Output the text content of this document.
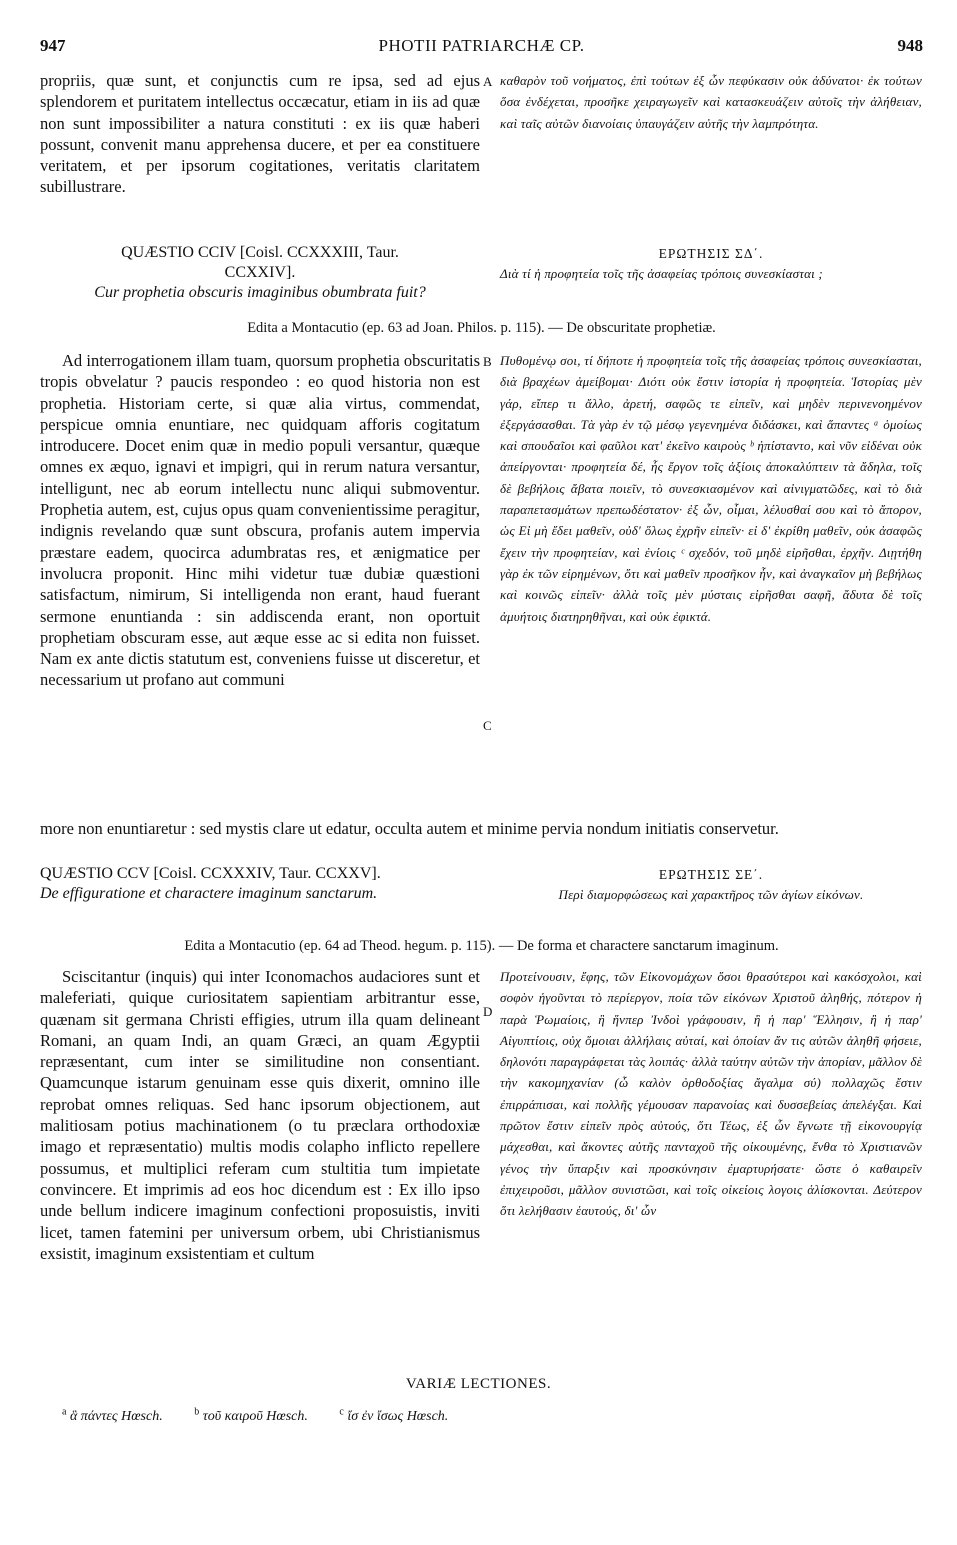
947	PHOTII PATRIARCHÆ CP.	948

propriis, quæ sunt, et conjunctis cum re ipsa, sed ad ejus splendorem et puritatem intellectus occæcatur, etiam in iis ad quæ non sunt impossibiliter a natura constituti : ex iis quæ haberi possunt, convenit manu apprehensa ducere, et per ea constituere veritatem, et per ipsorum cogitationes, veritatis claritatem subillustrare.

A καθαρὸν τοῦ νοήματος, ἐπὶ τούτων ἐξ ὧν πεφύκασιν οὐκ ἀδύνατοι· ἐκ τούτων ὅσα ἐνδέχεται, προσῆκε χειραγωγεῖν καὶ κατασκευάζειν αὐτοῖς τὴν ἀλήθειαν, καὶ ταῖς αὐτῶν διανοίαις ὑπαυγάζειν αὐτῆς τὴν λαμπρότητα.

QUÆSTIO CCIV [Coisl. CCXXXIII, Taur.
CCXXIV].
Cur prophetia obscuris imaginibus obumbrata fuit?
ΕΡΩΤΗΣΙΣ ΣΔ΄.
Διὰ τί ἡ προφητεία τοῖς τῆς ἀσαφείας τρόποις συνεσκίασται ;
Edita a Montacutio (ep. 63 ad Joan. Philos. p. 115). — De obscuritate prophetiæ.

Ad interrogationem illam tuam, quorsum prophetia obscuritatis tropis obvelatur ? paucis respondeo : eo quod historia non est prophetia. Historiam certe, si quæ alia virtus, commendat, perspicue omnia enuntiare, nec quidquam afforis cogitatum introducere. Docet enim quæ in medio populi versantur, quæque omnes ex æquo, ignavi et impigri, qui in rerum natura versantur, intelligunt, nec ab eorum intellectu nunc aliqui submoventur. Prophetia autem, est, cujus opus quam convenientissime peragitur, indignis revelando quæ sunt obscura, profanis autem impervia præstare eadem, quocirca adumbratas res, et ænigmatice per involucra proponit. Hinc mihi videtur tuæ dubiæ quæstioni satisfactum, nimirum, Si intelligenda non erant, haud fuerant sermone enuntianda : sin addiscenda erant, non oportuit prophetiam obscuram esse, aut æque esse ac si edita non fuisset. Nam ex ante dictis statutum est, conveniens fuisse ut disceretur, et necessarium ut profano aut communi

B
C

Πυθομένῳ σοι, τί δήποτε ἡ προφητεία τοῖς τῆς ἀσαφείας τρόποις συνεσκίασται, διὰ βραχέων ἀμείβομαι· Διότι οὐκ ἔστιν ἱστορία ἡ προφητεία. Ἱστορίας μὲν γάρ, εἴπερ τι ἄλλο, ἀρετή, σαφῶς τε εἰπεῖν, καὶ μηδὲν περινενοημένον ἐξεργάσασθαι. Τὰ γὰρ ἐν τῷ μέσῳ γεγενημένα διδάσκει, καὶ ἅπαντες ᵃ ὁμοίως καὶ σπουδαῖοι καὶ φαῦλοι κατ' ἐκεῖνο καιροὺς ᵇ ἠπίσταντο, καὶ νῦν εἰδέναι οὐκ ἀπείργονται· προφητεία δέ, ἧς ἔργον τοῖς ἀξίοις ἀποκαλύπτειν τὰ ἄδηλα, τοῖς δὲ βεβήλοις ἄβατα ποιεῖν, τὸ συνεσκιασμένον καὶ αἰνιγματῶδες, καὶ τὸ διὰ παραπετασμάτων πρεπωδέστατον· ἐξ ὧν, οἶμαι, λέλυσθαί σου καὶ τὸ ἄπορον, ὡς Εἰ μὴ ἔδει μαθεῖν, οὐδ' ὅλως ἐχρῆν εἰπεῖν· εἰ δ' ἐκρίθη μαθεῖν, οὐκ ἀσαφῶς ἔχειν τὴν προφητείαν, καὶ ἐνίοις ᶜ σχεδόν, τοῦ μηδὲ εἰρῆσθαι, ἐρχῆν. Διῃτήθη γὰρ ἐκ τῶν εἰρημένων, ὅτι καὶ μαθεῖν προσῆκον ἦν, καὶ ἀναγκαῖον μὴ βεβήλως καὶ κοινῶς εἰπεῖν· ἀλλὰ τοῖς μὲν μύσταις εἰρῆσθαι σαφῆ, ἄδυτα δὲ τοῖς ἀμυήτοις διατηρηθῆναι, καὶ οὐκ ἐφικτά.

more non enuntiaretur : sed mystis clare ut edatur, occulta autem et minime pervia nondum initiatis conservetur.
QUÆSTIO CCV [Coisl. CCXXXIV, Taur. CCXXV].
De effiguratione et charactere imaginum sanctarum.
ΕΡΩΤΗΣΙΣ ΣΕ΄.
Περὶ διαμορφώσεως καὶ χαρακτῆρος τῶν ἁγίων εἰκόνων.
Edita a Montacutio (ep. 64 ad Theod. hegum. p. 115). — De forma et charactere sanctarum imaginum.

Sciscitantur (inquis) qui inter Iconomachos audaciores sunt et maleferiati, quique curiositatem sapientiam arbitrantur esse, quænam sit germana Christi effigies, utrum illa quam delineant Romani, an quam Indi, an quam Græci, an quam Ægyptii repræsentant, cum inter se similitudine non consentiant. Quamcunque istarum genuinam esse quis dixerit, omnino ille reprobat omnes reliquas. Sed hanc ipsorum objectionem, aut malitiosam potius machinationem (o tu præclara orthodoxiæ imago et repræsentatio) multis modis colapho inflicto repellere possumus, et multiplici referam cum stultitia tum impietate convincere. Et imprimis ad eos hoc dicendum est : Ex illo ipso unde bellum indicere imaginum confectioni proposuistis, inviti licet, tamen fatemini per universum orbem, ubi Christianismus exsistit, imaginum exsistentiam et cultum

D

Προτείνουσιν, ἔφης, τῶν Εἰκονομάχων ὅσοι θρασύτεροι καὶ κακόσχολοι, καὶ σοφὸν ἡγοῦνται τὸ περίεργον, ποία τῶν εἰκόνων Χριστοῦ ἀληθής, πότερον ἡ παρὰ Ῥωμαίοις, ἣ ἥνπερ Ἰνδοὶ γράφουσιν, ἢ ἡ παρ' Ἕλλησιν, ἢ ἡ παρ' Αἰγυπτίοις, οὐχ ὅμοιαι ἀλλήλαις αὐταί, καὶ ὁποίαν ἄν τις αὐτῶν ἀληθῆ φήσειε, δηλονότι παραγράφεται τὰς λοιπάς· ἀλλὰ ταύτην αὐτῶν τὴν ἀπορίαν, μᾶλλον δὲ τὴν κακομηχανίαν (ὦ καλὸν ὀρθοδοξίας ἄγαλμα σύ) πολλαχῶς ἔστιν ἐπιρράπισαι, καὶ πολλῆς γέμουσαν παρανοίας καὶ δυσσεβείας ἀπελέγξαι. Καὶ πρῶτον ἔστιν εἰπεῖν πρὸς αὐτούς, ὅτι Τέως, ἐξ ὧν ἔγνωτε τῇ εἰκονουργίᾳ μάχεσθαι, καὶ ἄκοντες αὐτῆς πανταχοῦ τῆς οἰκουμένης, ἔνθα τὸ Χριστιανῶν γένος τὴν ὕπαρξιν καὶ προσκύνησιν ἐμαρτυρήσατε· ὥστε ὁ καθαιρεῖν ἐπιχειροῦσι, μᾶλλον συνιστῶσι, καὶ τοῖς οἰκείοις λογοις ἁλίσκονται. Δεύτερον ὅτι λελήθασιν ἑαυτούς, δι' ὧν

VARIÆ LECTIONES.
$^a$ ἃ πάντες Hœsch.	$^b$ τοῦ καιροῦ Hœsch.	$^c$ ἴσ ἐν ἴσως Hœsch.
